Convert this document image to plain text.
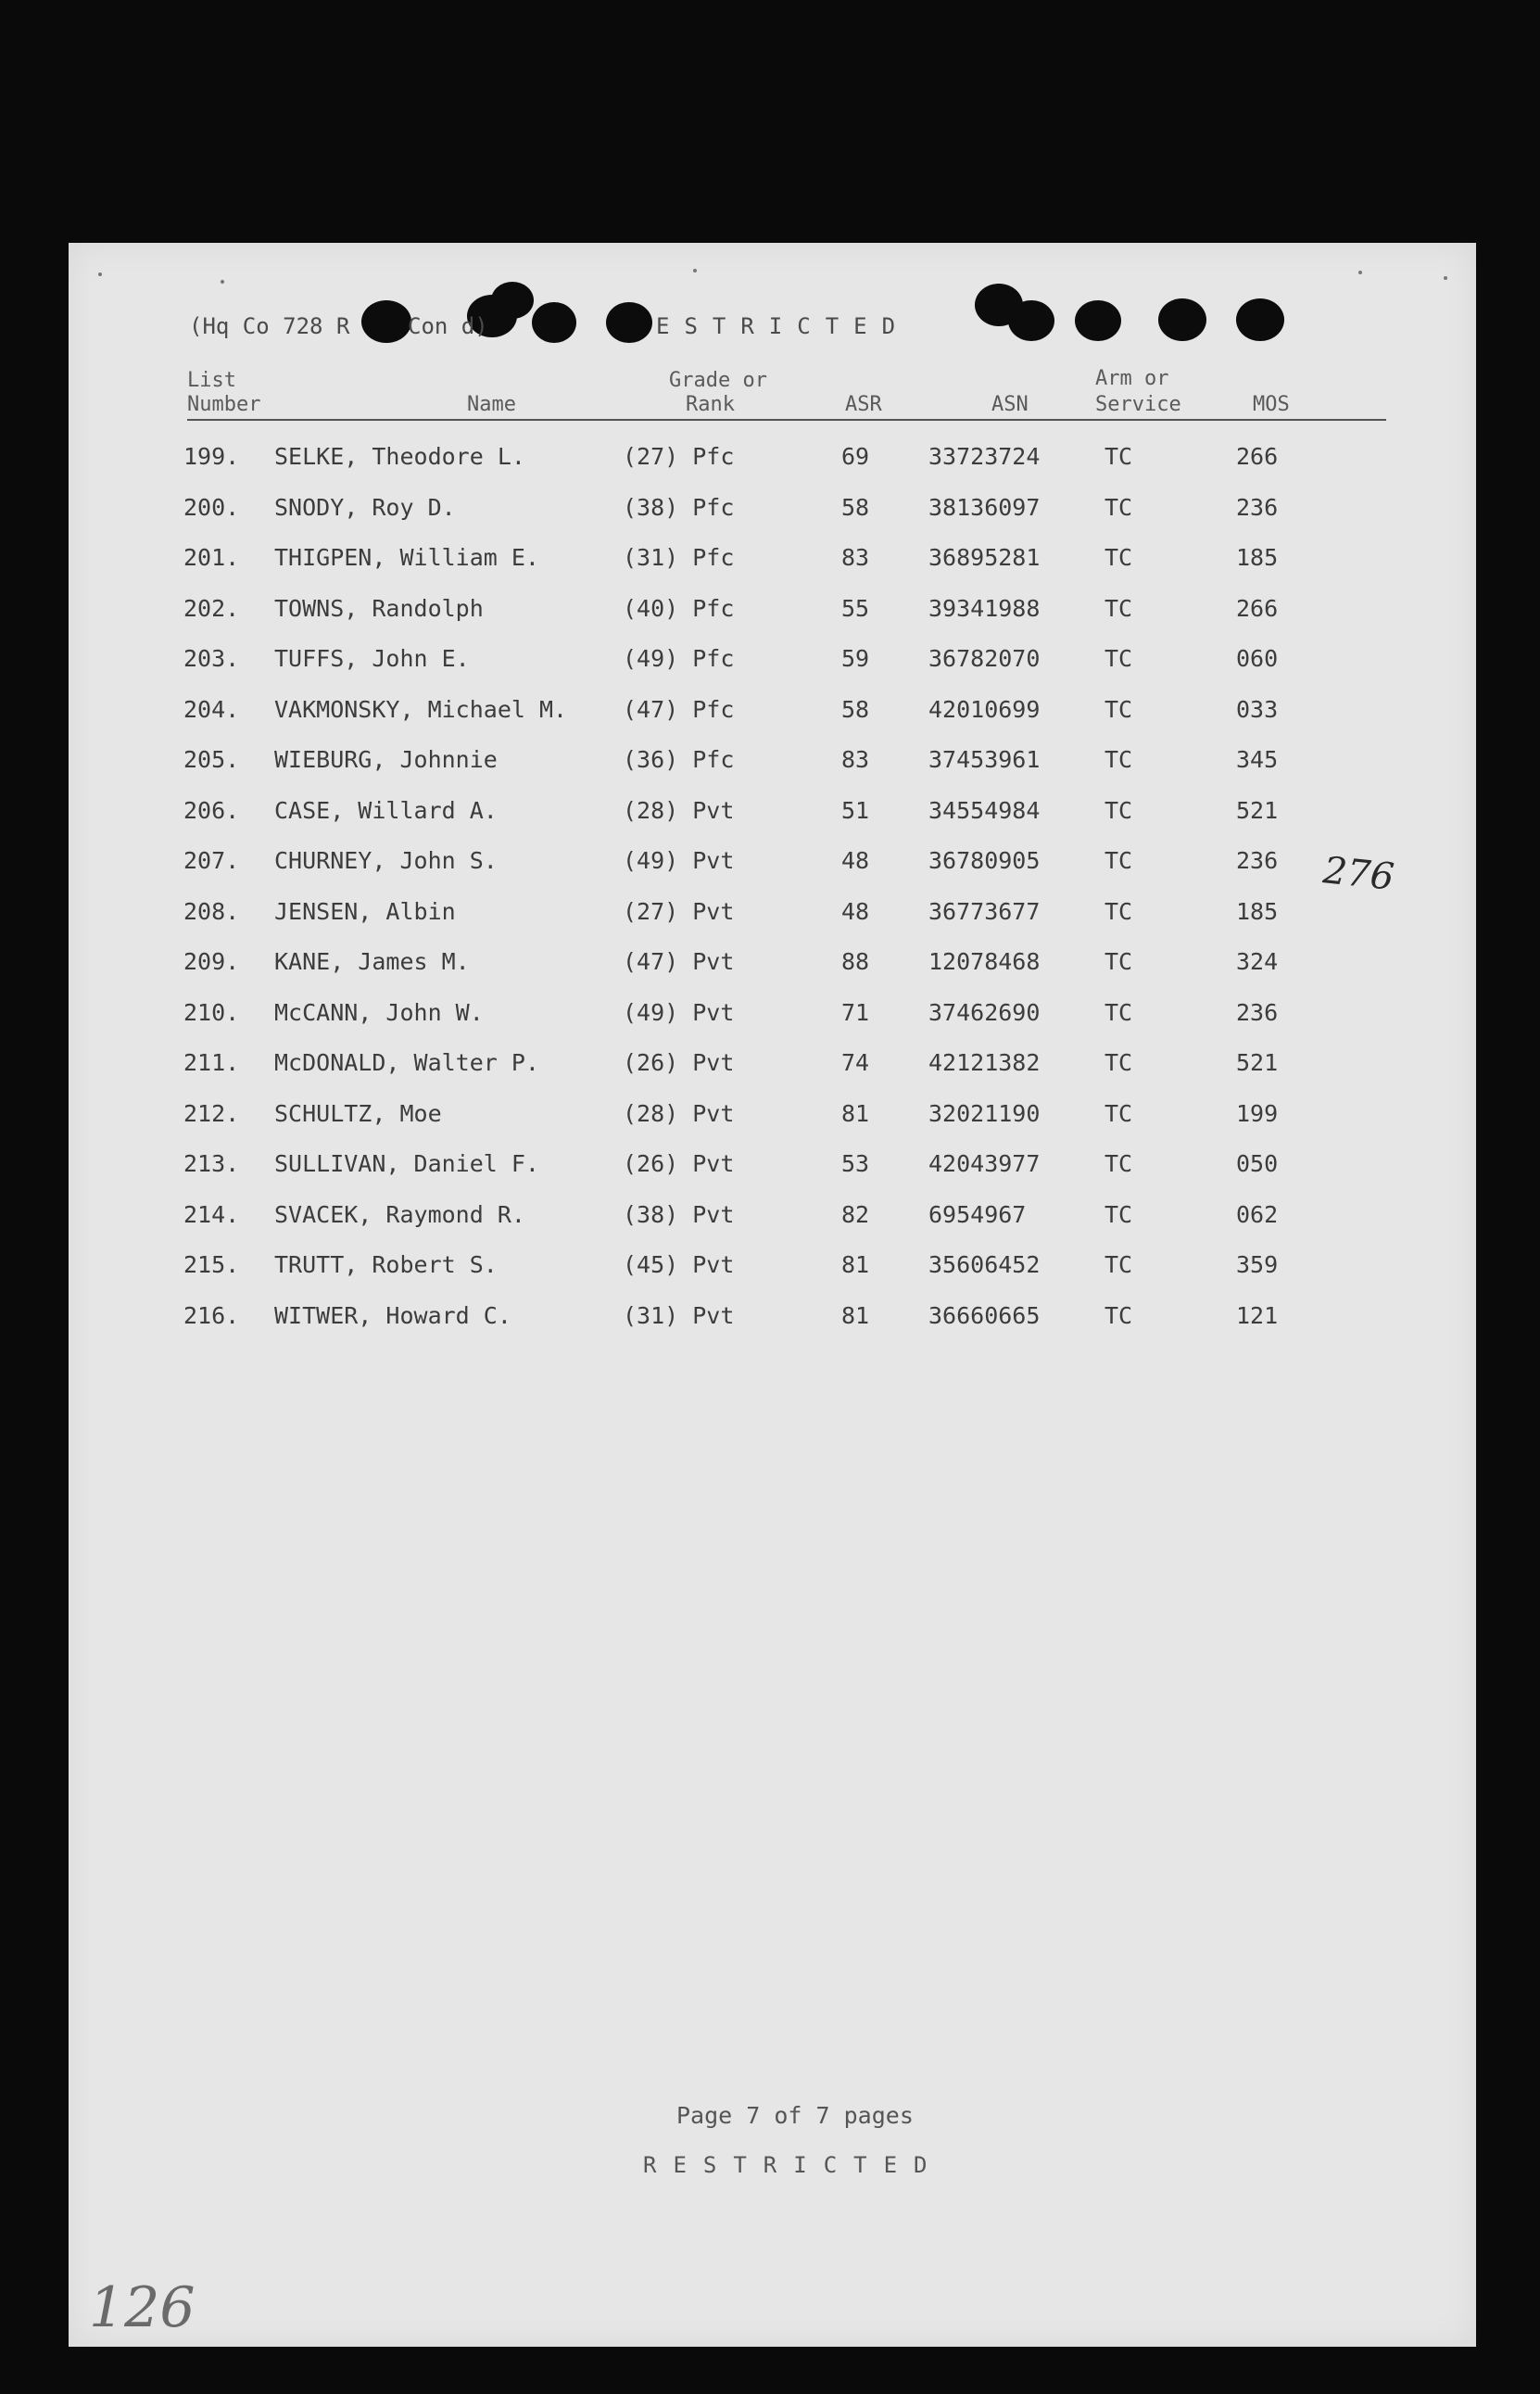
(Hq Co 728 R	Con d)	ESTRICTED
List
Number	Name
Grade or
Rank	ASR	ASN
Arm or
Service	MOS
199. SELKE, Theodore L.	(27) Pfc	69	33723724	TC	266
200. SNODY, Roy D.	(38) Pfc	58	38136097	TC	236
201. THIGPEN, William E.	(31) Pfc	83	36895281	TC	185
202. TOWNS, Randolph	(40) Pfc	55	39341988	TC	266
203. TUFFS, John E.	(49) Pfc	59	36782070	TC	060
204. VAKMONSKY, Michael M. (47) Pfc	58	42010699	TC	033
205. WIEBURG, Johnnie	(36) Pfc	83	37453961	TC	345
206. CASE, Willard A.	(28) Pvt	51	34554984	TC	521
207. CHURNEY, John S.	(49) Pvt	48	36780905	TC	236
208. JENSEN, Albin	(27) Pvt	48	36773677	TC	185
209. KANE, James M.	(47) Pvt	88	12078468	TC	324
210. McCANN, John W.	(49) Pvt	71	37462690	TC	236
211. McDONALD, Walter P.	(26) Pvt	74	42121382	TC	521
212. SCHULTZ, Moe	(28) Pvt	81	32021190	TC	199
213. SULLIVAN, Daniel F.	(26) Pvt	53	42043977	TC	050
214. SVACEK, Raymond R.	(38) Pvt	82	6954967	TC	062
215. TRUTT, Robert S.	(45) Pvt	81	35606452	TC	359
216. WITWER, Howard C.	(31) Pvt	81	36660665	TC	121
Page 7 of 7 pages
RESTRICTED
276
126
